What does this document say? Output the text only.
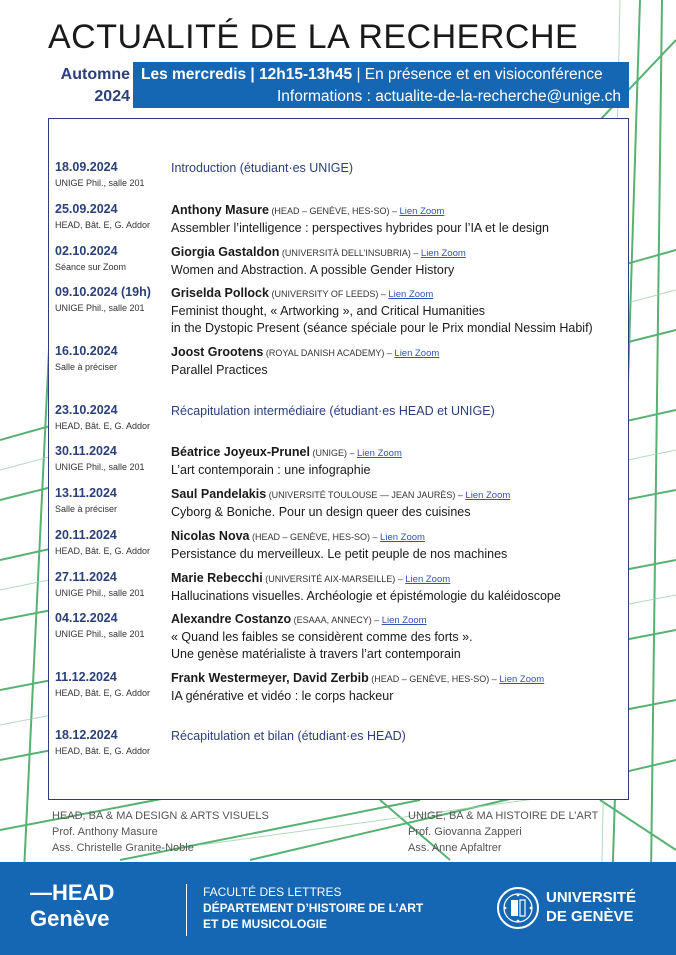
ACTUALITÉ DE LA RECHERCHE
Automne
2024
Les mercredis | 12h15-13h45 | En présence et en visioconférence
Informations : actualite-de-la-recherche@unige.ch
18.09.2024
UNIGE Phil., salle 201
Introduction (étudiant·es UNIGE)
25.09.2024
HEAD, Bât. E, G. Addor
Anthony Masure (HEAD – GENÈVE, HES-SO) – Lien Zoom
Assembler l’intelligence : perspectives hybrides pour l’IA et le design
02.10.2024
Séance sur Zoom
Giorgia Gastaldon (UNIVERSITÀ DELL’INSUBRIA) – Lien Zoom
Women and Abstraction. A possible Gender History
09.10.2024 (19h)
UNIGE Phil., salle 201
Griselda Pollock (UNIVERSITY OF LEEDS) – Lien Zoom
Feminist thought, « Artworking », and Critical Humanities
in the Dystopic Present (séance spéciale pour le Prix mondial Nessim Habif)
16.10.2024
Salle à préciser
Joost Grootens (ROYAL DANISH ACADEMY) – Lien Zoom
Parallel Practices
23.10.2024
HEAD, Bât. E, G. Addor
Récapitulation intermédiaire (étudiant·es HEAD et UNIGE)
30.11.2024
UNIGE Phil., salle 201
Béatrice Joyeux-Prunel (UNIGE) – Lien Zoom
L’art contemporain : une infographie
13.11.2024
Salle à préciser
Saul Pandelakis (UNIVERSITÉ TOULOUSE — JEAN JAURÈS) – Lien Zoom
Cyborg & Boniche. Pour un design queer des cuisines
20.11.2024
HEAD, Bât. E, G. Addor
Nicolas Nova (HEAD – GENÈVE, HES-SO) – Lien Zoom
Persistance du merveilleux. Le petit peuple de nos machines
27.11.2024
UNIGE Phil., salle 201
Marie Rebecchi (UNIVERSITÉ AIX-MARSEILLE) – Lien Zoom
Hallucinations visuelles. Archéologie et épistémologie du kaléidoscope
04.12.2024
UNIGE Phil., salle 201
Alexandre Costanzo (ESAAA, ANNECY) – Lien Zoom
« Quand les faibles se considèrent comme des forts ».
Une genèse matérialiste à travers l’art contemporain
11.12.2024
HEAD, Bât. E, G. Addor
Frank Westermeyer, David Zerbib (HEAD – GENÈVE, HES-SO) – Lien Zoom
IA générative et vidéo : le corps hackeur
18.12.2024
HEAD, Bât. E, G. Addor
Récapitulation et bilan (étudiant·es HEAD)
HEAD, BA & MA DESIGN & ARTS VISUELS
Prof. Anthony Masure
Ass. Christelle Granite-Noble
UNIGE, BA & MA HISTOIRE DE L’ART
Prof. Giovanna Zapperi
Ass. Anne Apfaltrer
—HEAD
Genève
FACULTÉ DES LETTRES
DÉPARTEMENT D’HISTOIRE DE L’ART
ET DE MUSICOLOGIE
UNIVERSITÉ
DE GENÈVE
